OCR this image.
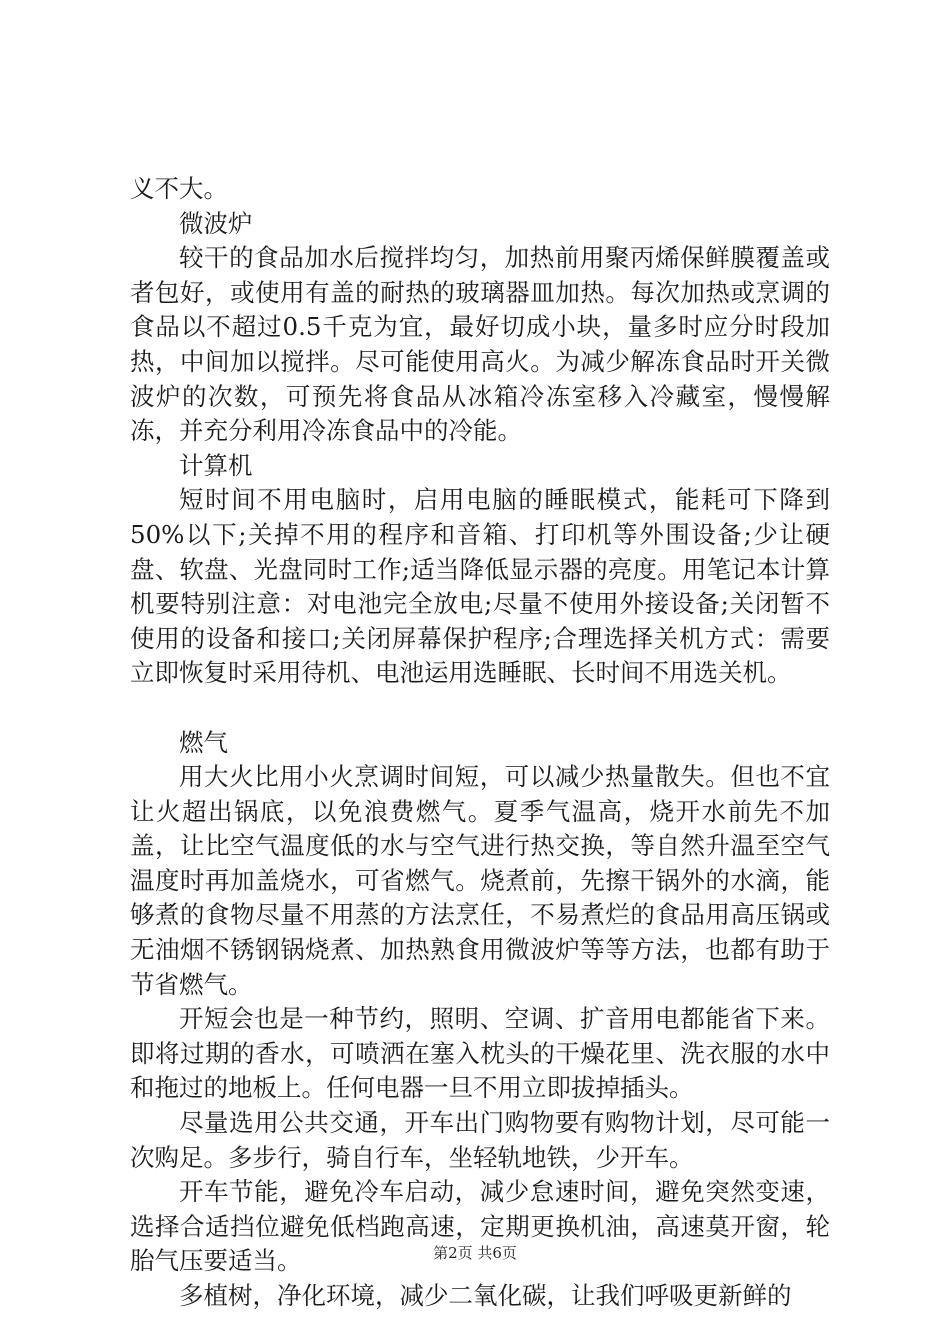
义不大。

微波炉

较干的食品加水后搅拌均匀，加热前用聚丙烯保鲜膜覆盖或者包好，或使用有盖的耐热的玻璃器皿加热。每次加热或烹调的食品以不超过0.5千克为宜，最好切成小块，量多时应分时段加热，中间加以搅拌。尽可能使用高火。为减少解冻食品时开关微波炉的次数，可预先将食品从冰箱冷冻室移入冷藏室，慢慢解冻，并充分利用冷冻食品中的冷能。

计算机

短时间不用电脑时，启用电脑的睡眠模式，能耗可下降到50%以下;关掉不用的程序和音箱、打印机等外围设备;少让硬盘、软盘、光盘同时工作;适当降低显示器的亮度。用笔记本计算机要特别注意：对电池完全放电;尽量不使用外接设备;关闭暂不使用的设备和接口;关闭屏幕保护程序;合理选择关机方式：需要立即恢复时采用待机、电池运用选睡眠、长时间不用选关机。

燃气

用大火比用小火烹调时间短，可以减少热量散失。但也不宜让火超出锅底，以免浪费燃气。夏季气温高，烧开水前先不加盖，让比空气温度低的水与空气进行热交换，等自然升温至空气温度时再加盖烧水，可省燃气。烧煮前，先擦干锅外的水滴，能够煮的食物尽量不用蒸的方法烹任，不易煮烂的食品用高压锅或无油烟不锈钢锅烧煮、加热熟食用微波炉等等方法，也都有助于节省燃气。

开短会也是一种节约，照明、空调、扩音用电都能省下来。即将过期的香水，可喷洒在塞入枕头的干燥花里、洗衣服的水中和拖过的地板上。任何电器一旦不用立即拔掉插头。

尽量选用公共交通，开车出门购物要有购物计划，尽可能一次购足。多步行，骑自行车，坐轻轨地铁，少开车。

开车节能，避免冷车启动，减少怠速时间，避免突然变速，选择合适挡位避免低档跑高速，定期更换机油，高速莫开窗，轮胎气压要适当。

多植树，净化环境，减少二氧化碳，让我们呼吸更新鲜的

第2页 共6页
